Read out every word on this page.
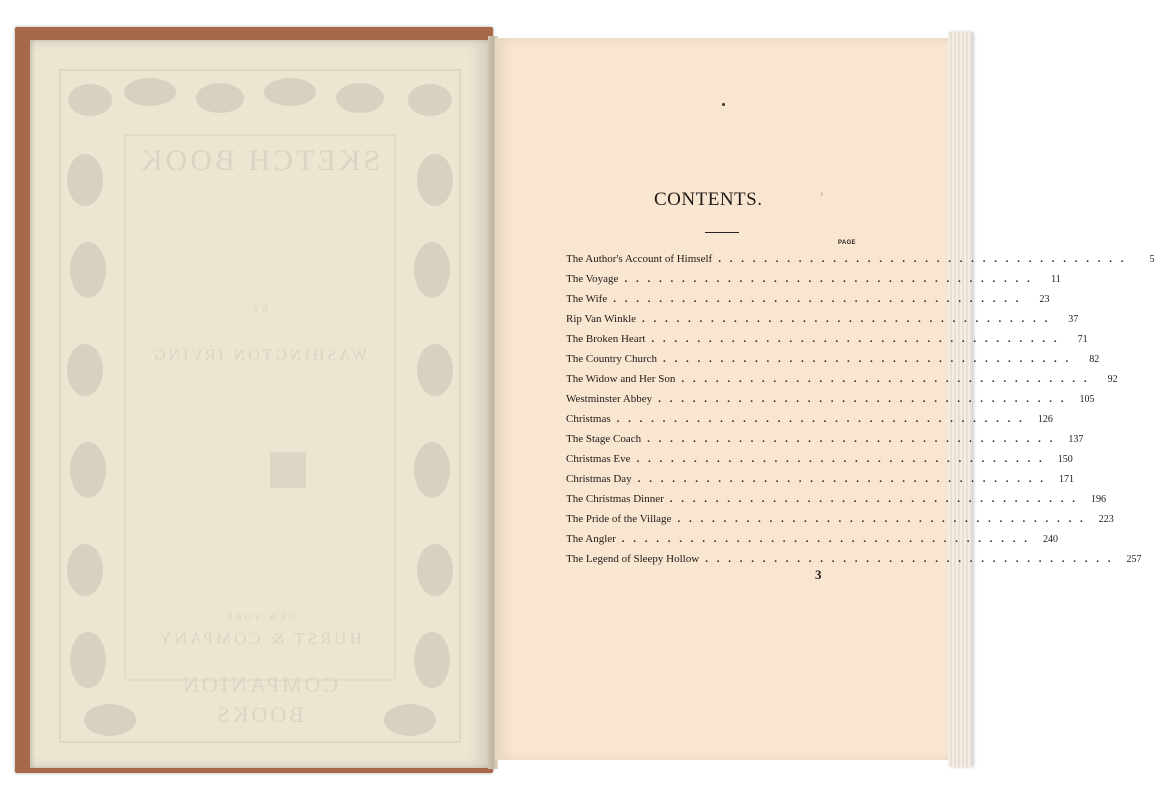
SKETCH BOOK
BY
WASHINGTON IRVING
NEW YORK
HURST & COMPANY
COMPANION
BOOKS
ʾ
CONTENTS.
PAGE
The Author's Account of Himself . . . . . . . . . . . . . . . . . . . . . . . . . . . . . . . . . . . .	5
The Voyage . . . . . . . . . . . . . . . . . . . . . . . . . . . . . . . . . . . .	11
The Wife . . . . . . . . . . . . . . . . . . . . . . . . . . . . . . . . . . . .	23
Rip Van Winkle . . . . . . . . . . . . . . . . . . . . . . . . . . . . . . . . . . . .	37
The Broken Heart . . . . . . . . . . . . . . . . . . . . . . . . . . . . . . . . . . . .	71
The Country Church . . . . . . . . . . . . . . . . . . . . . . . . . . . . . . . . . . . .	82
The Widow and Her Son . . . . . . . . . . . . . . . . . . . . . . . . . . . . . . . . . . . .	92
Westminster Abbey . . . . . . . . . . . . . . . . . . . . . . . . . . . . . . . . . . . .	105
Christmas . . . . . . . . . . . . . . . . . . . . . . . . . . . . . . . . . . . .	126
The Stage Coach . . . . . . . . . . . . . . . . . . . . . . . . . . . . . . . . . . . .	137
Christmas Eve . . . . . . . . . . . . . . . . . . . . . . . . . . . . . . . . . . . .	150
Christmas Day . . . . . . . . . . . . . . . . . . . . . . . . . . . . . . . . . . . .	171
The Christmas Dinner . . . . . . . . . . . . . . . . . . . . . . . . . . . . . . . . . . . .	196
The Pride of the Village . . . . . . . . . . . . . . . . . . . . . . . . . . . . . . . . . . . .	223
The Angler . . . . . . . . . . . . . . . . . . . . . . . . . . . . . . . . . . . .	240
The Legend of Sleepy Hollow . . . . . . . . . . . . . . . . . . . . . . . . . . . . . . . . . . . .	257
3
